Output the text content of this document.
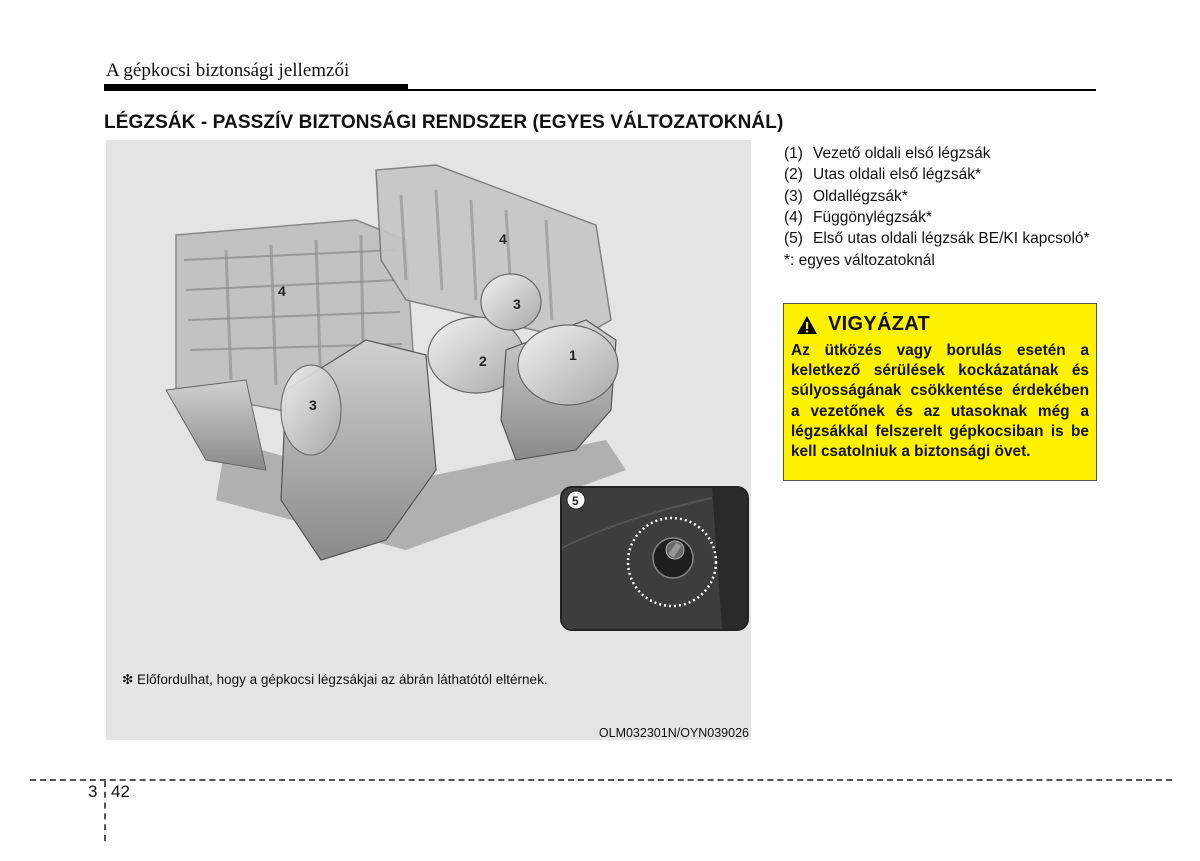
A gépkocsi biztonsági jellemzői
LÉGZSÁK - PASSZÍV BIZTONSÁGI RENDSZER (EGYES VÁLTOZATOKNÁL)
1
2
3
3
4
4
5
❇ Előfordulhat, hogy a gépkocsi légzsákjai az ábrán láthatótól eltérnek.
OLM032301N/OYN039026
(1) Vezető oldali első légzsák
(2) Utas oldali első légzsák*
(3) Oldallégzsák*
(4) Függönylégzsák*
(5) Első utas oldali légzsák BE/KI kapcsoló*
*: egyes változatoknál
VIGYÁZAT
Az ütközés vagy borulás esetén a keletkező sérülések kockázatának és súlyosságának csökkentése érdekében a vezetőnek és az utasoknak még a légzsákkal felszerelt gépkocsiban is be kell csatolniuk a biztonsági övet.
3 42
